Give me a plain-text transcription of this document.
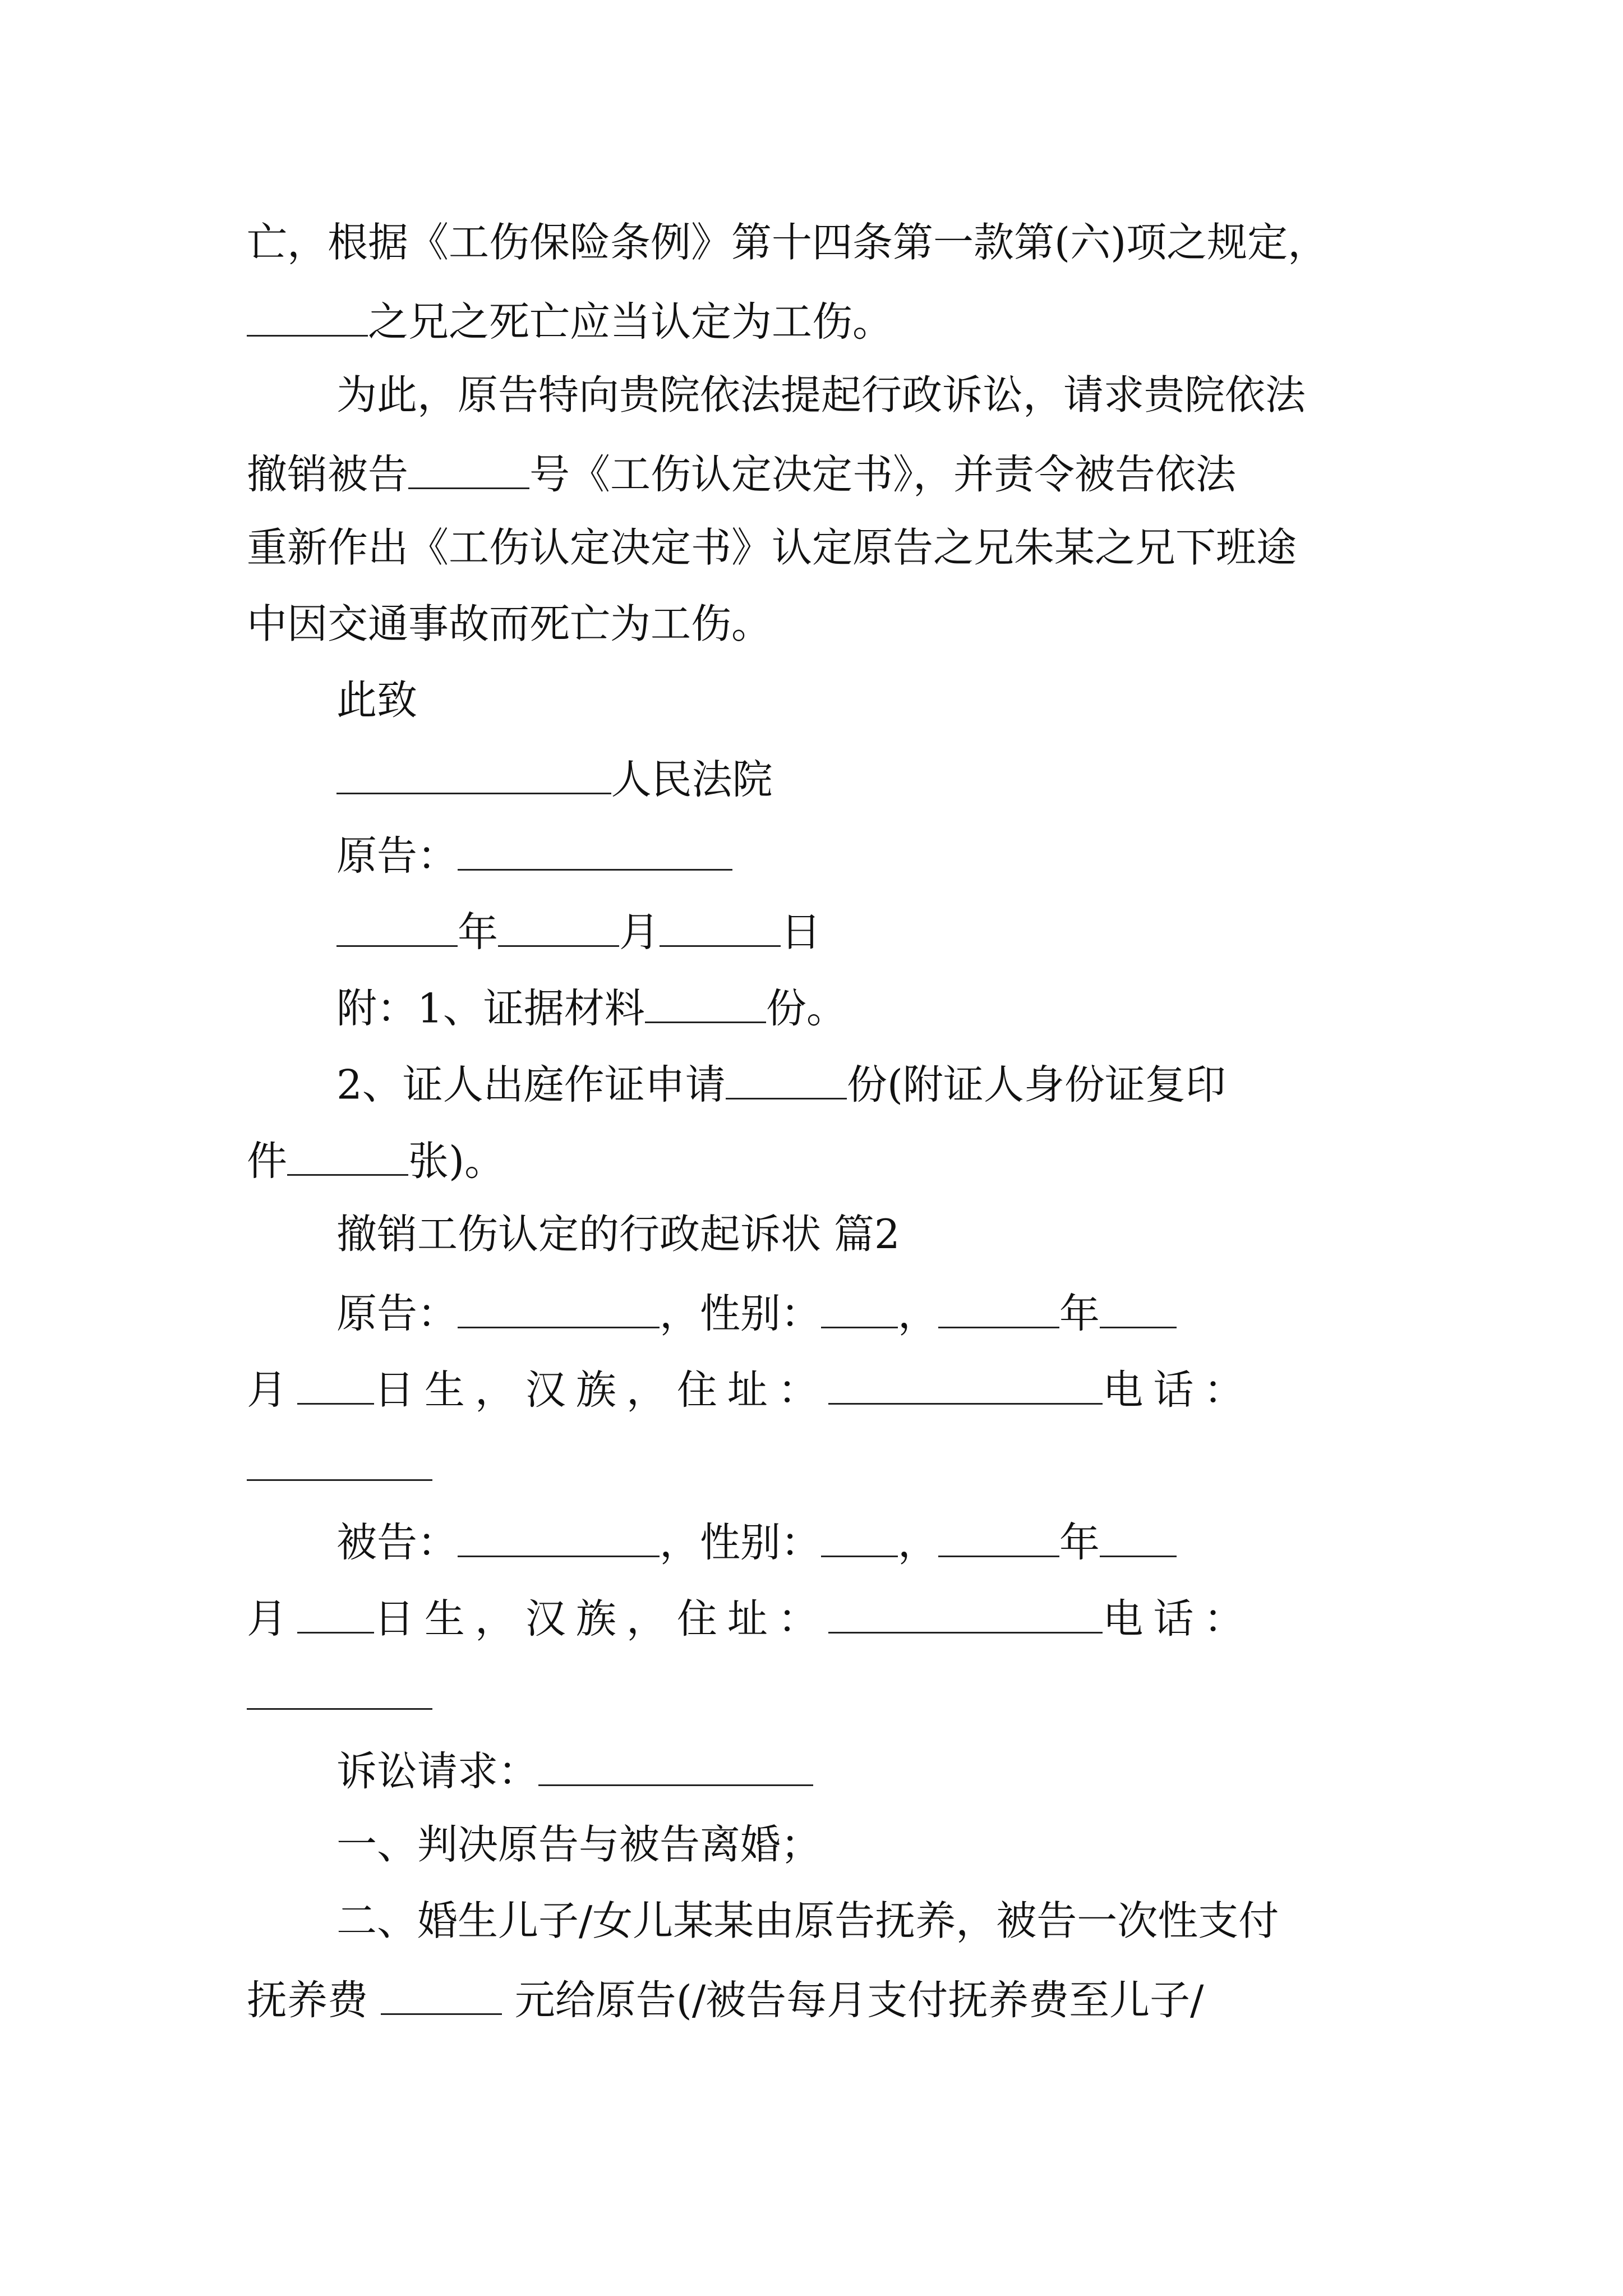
亡，根据《工伤保险条例》第十四条第一款第(六)项之规定，
之兄之死亡应当认定为工伤。
为此，原告特向贵院依法提起行政诉讼，请求贵院依法
撤销被告	号《工伤认定决定书》，并责令被告依法
重新作出《工伤认定决定书》认定原告之兄朱某之兄下班途
中因交通事故而死亡为工伤。
此致
人民法院
原告：
年	月	日
附：1、证据材料	份。
2、证人出庭作证申请	份(附证人身份证复印
件	张)。
撤销工伤认定的行政起诉状 篇2
原告：	，性别： ，	年
月 日生，汉族，住址：	电话：
被告：	，性别： ，	年
月 日生，汉族，住址：	电话：
诉讼请求：
一、判决原告与被告离婚；
二、婚生儿子/女儿某某由原告抚养，被告一次性支付
抚养费	元给原告(/被告每月支付抚养费至儿子/
